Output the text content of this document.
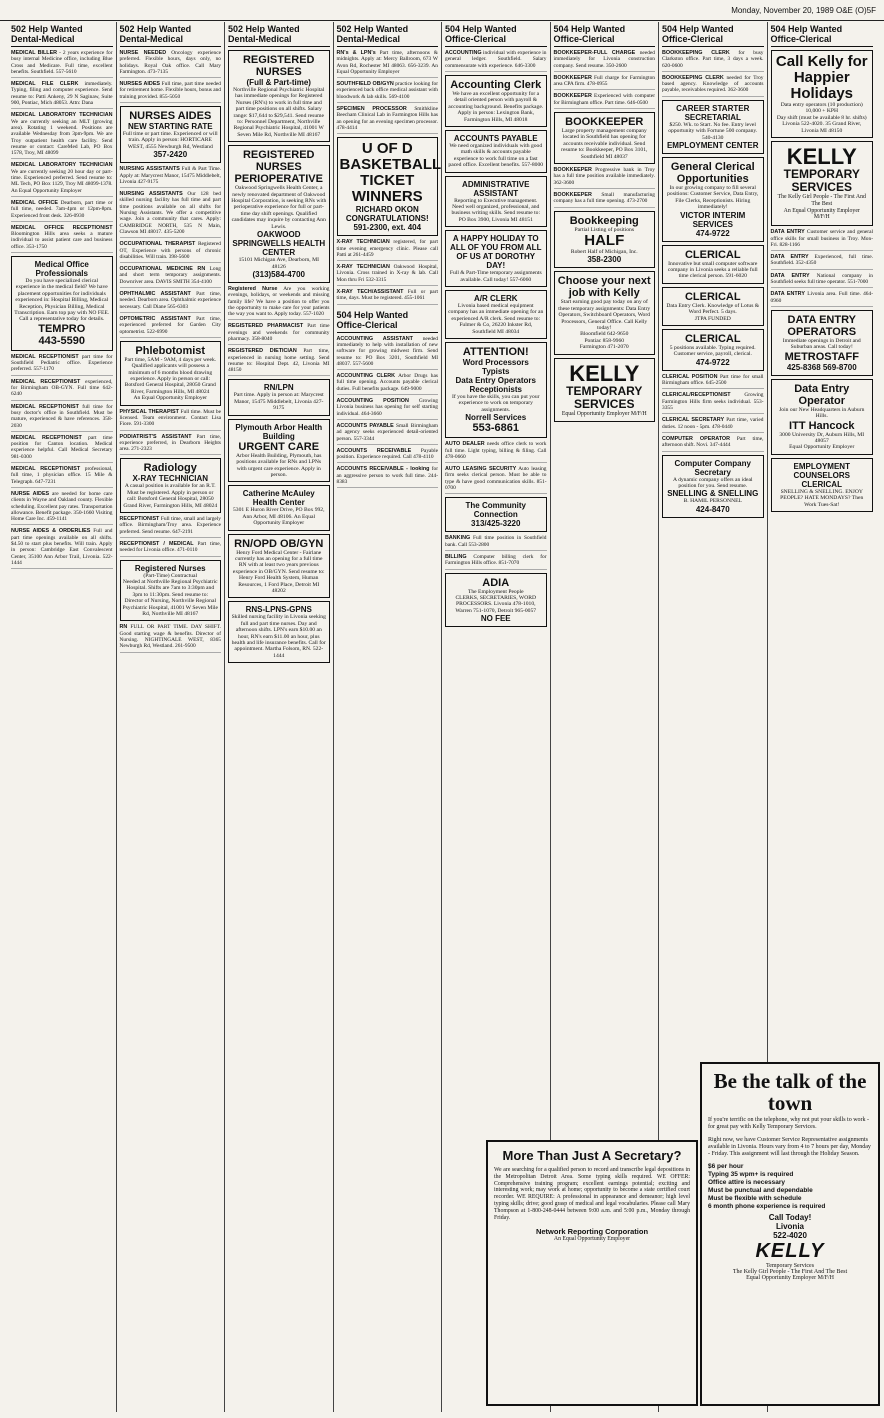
Monday, November 20, 1989 O&E (O)5F
502 Help Wanted Dental-Medical
MEDICAL BILLER - 2 years experience for busy internal Medicine office, including Blue Cross and Medicare. Full time, excellent benefits. Southfield. 557-5610
MEDICAL FILE CLERK immediately. Typing, filing and computer experience. Send resume to: Patti Ankeny, 29 N Saginaw, Suite 900, Pontiac, Mich 48053. Attn: Dana
MEDICAL LABORATORY TECHNICIAN We are currently seeking an MLT (growing area). Rotating 1 weekend. Positions are available Wednesday from 3pm-9pm. We are Troy outpatient health care facility. Send resume or contact: CareMed Lab, PO Box 1578, Troy, MI 48099
MEDICAL LABORATORY TECHNICIAN We are currently seeking 20 hour day or part-time. Experienced preferred. Send resume to: ML Tech, PO Box 1129, Troy MI 48099-1378. An Equal Opportunity Employer
MEDICAL OFFICE Dearborn, part time or full time, needed. 7am-4pm or 12pm-8pm. Experienced front desk. 326-0930
MEDICAL OFFICE RECEPTIONIST Bloomington Hills area seeks a mature individual to assist patient care and business office. 353-1750
Medical Office Professionals
Do you have specialized clerical experience in the medical field? We have placement opportunities for individuals experienced in: Hospital Billing, Medical Reception, Physician Billing, Medical Transcription. Earn top pay with NO FEE. Call a representative today for details.
TEMPRO
443-5590
MEDICAL RECEPTIONIST part time for Southfield Pediatric office. Experience preferred. 557-1170
MEDICAL RECEPTIONIST experienced, for Birmingham OB-GYN. Full time 642-6240
MEDICAL RECEPTIONIST full time for busy doctor's office in Southfield. Must be mature, experienced & have references. 358-2030
MEDICAL RECEPTIONIST part time position for Canton location. Medical experience helpful. Call Medical Secretary 981-0300
MEDICAL RECEPTIONIST professional, full time, 1 physician office. 15 Mile & Telegraph. 647-7231
NURSE AIDES are needed for home care clients in Wayne and Oakland county. Flexible scheduling. Excellent pay rates. Transportation allowance. Benefit package. 350-1660 Visiting Home Care Inc. 459-1141
NURSE AIDES & ORDERLIES Full and part time openings available on all shifts. $4.50 to start plus benefits. Will train. Apply in person: Cambridge East Convalescent Center, 35100 Ann Arbor Trail, Livonia. 522-1444
502 Help Wanted Dental-Medical
NURSE NEEDED Oncology experience preferred. Flexible hours, days only, no holidays. Royal Oak office. Call Mary Farmington. 473-7135
NURSES AIDES Full time, part time needed for retirement home. Flexible hours, bonus and training provided. 855-5050
NURSES AIDES
NEW STARTING RATE
Full time or part time. Experienced or will train. Apply in person: HORTICARE WEST, 4555 Newburgh Rd, Westland
357-2420
NURSING ASSISTANTS Full & Part Time. Apply at: Marycrest Manor, 15475 Middlebelt, Livonia 427-9175
NURSING ASSISTANTS Our 128 bed skilled nursing facility has full time and part time positions available on all shifts for Nursing Assistants. We offer a competitive wage. Join a community that cares. Apply: CAMBRIDGE NORTH, 535 N Main, Clawson MI 48017. 435-5200
OCCUPATIONAL THERAPIST Registered OT, Experience with persons of chronic disabilities. Will train. 398-5600
OCCUPATIONAL MEDICINE RN Long and short term temporary assignments. Downriver area. DAVIS SMITH 354-4100
OPHTHALMIC ASSISTANT Part time, needed. Dearborn area. Ophthalmic experience necessary. Call Diane 565-6303
OPTOMETRIC ASSISTANT Part time, experienced preferred for Garden City optometrist. 522-6990
Phlebotomist
Part time, 5AM - 9AM, 4 days per week. Qualified applicants will possess a minimum of 6 months blood drawing experience. Apply in person or call: Botsford General Hospital, 28050 Grand River, Farmington Hills, MI 48024
An Equal Opportunity Employer
PHYSICAL THERAPIST Full time. Must be licensed. Team environment. Contact Lisa Fiore. 591-3300
PODIATRIST'S ASSISTANT Part time, experience preferred, in Dearborn Heights area. 271-2323
Radiology
X-RAY TECHNICIAN
A casual position is available for an R.T. Must be registered. Apply in person or call: Botsford General Hospital, 28050 Grand River, Farmington Hills, MI 48024
RECEPTIONIST Full time, small and largely office. Birmingham/Troy area. Experience preferred. Send resume. 647-2191
RECEPTIONIST / MEDICAL Part time, needed for Livonia office. 471-0110
Registered Nurses
(Part-Time) Contractual
Needed at Northville Regional Psychiatric Hospital. Shifts are 7am to 3:30pm and 3pm to 11:30pm. Send resume to: Director of Nursing, Northville Regional Psychiatric Hospital, 41001 W Seven Mile Rd, Northville MI 48167
RN FULL OR PART TIME. DAY SHIFT. Good starting wage & benefits. Director of Nursing. NIGHTINGALE WEST, 8365 Newburgh Rd, Westland. 261-9500
502 Help Wanted Dental-Medical
REGISTERED NURSES
(Full & Part-time)
Northville Regional Psychiatric Hospital has immediate openings for Registered Nurses (RN's) to work in full time and part time positions on all shifts. Salary range: $17,644 to $29,541. Send resume to: Personnel Department, Northville Regional Psychiatric Hospital, 41001 W Seven Mile Rd, Northville MI 48167
REGISTERED NURSES PERIOPERATIVE
Oakwood Springwells Health Center, a newly renovated department of Oakwood Hospital Corporation, is seeking RNs with perioperative experience for full or part-time day shift openings. Qualified candidates may inquire by contacting Ann Lewis.
OAKWOOD SPRINGWELLS HEALTH CENTER
15101 Michigan Ave, Dearborn, MI 48126
(313)584-4700
Registered Nurse Are you working evenings, holidays, or weekends and missing family life? We have a position to offer you the opportunity to make care for your patients the way you want to. Apply today. 557-1020
REGISTERED PHARMACIST Part time evenings and weekends for community pharmacy. 358-8040
REGISTERED DIETICIAN Part time, experienced in nursing home setting. Send resume to: Hospital Dept. 42, Livonia MI 48150
RN/LPN
Part time. Apply in person at: Marycrest Manor, 15475 Middlebelt, Livonia 427-9175
Plymouth Arbor Health Building
URGENT CARE
Arbor Health Building, Plymouth, has positions available for RNs and LPNs with urgent care experience. Apply in person.
Catherine McAuley Health Center
5301 E Huron River Drive, PO Box 992, Ann Arbor, MI 48106. An Equal Opportunity Employer
RN/OPD OB/GYN
Henry Ford Medical Center - Fairlane currently has an opening for a full time RN with at least two years previous experience in OB/GYN. Send resume to: Henry Ford Health System, Human Resources, 1 Ford Place, Detroit MI 48202
RNS-LPNS-GPNS
Skilled nursing facility in Livonia seeking full and part time nurses. Day and afternoon shifts. LPN's earn $10.00 an hour, RN's earn $11.00 an hour, plus health and life insurance benefits. Call for appointment. Martha Folsom, RN. 522-1444
502 Help Wanted Dental-Medical
RN's & LPN's Part time, afternoons & midnights. Apply at: Mercy Ballroom, 673 W Avon Rd, Rochester MI 48063. 656-3239. An Equal Opportunity Employer
SOUTHFIELD OB/GYN practice looking for experienced back office medical assistant with bloodwork & lab skills. 569-4100
SPECIMEN PROCESSOR Smithkline Beecham Clinical Lab in Farmington Hills has an opening for an evening specimen processor. 478-4414
U OF D BASKETBALL TICKET WINNERS
RICHARD OKON
CONGRATULATIONS!
591-2300, ext. 404
X-RAY TECHNICIAN registered, for part time evening emergency clinic. Please call Patti at 261-4459
X-RAY TECHNICIAN Oakwood Hospital, Livonia. Cross trained in X-ray & lab. Call Mon thru Fri 532-3315
X-RAY TECH/ASSISTANT Full or part time, days. Must be registered. 455-1061
504 Help Wanted Office-Clerical
ACCOUNTING ASSISTANT needed immediately to help with installation of new software for growing midwest firm. Send resume to: PO Box 3201, Southfield MI 48037. 557-5600
ACCOUNTING CLERK Arbor Drugs has full time opening. Accounts payable clerical duties. Full benefits package. 649-9000
ACCOUNTING POSITION Growing Livonia business has opening for self starting individual. 464-3660
ACCOUNTS PAYABLE Small Birmingham ad agency seeks experienced detail-oriented person. 557-3344
ACCOUNTS RECEIVABLE Payable position. Experience required. Call 478-4110
ACCOUNTS RECEIVABLE - looking for an aggressive person to work full time. 244-8383
504 Help Wanted Office-Clerical
ACCOUNTING individual with experience in general ledger. Southfield. Salary commensurate with experience. 646-3300
Accounting Clerk
We have an excellent opportunity for a detail oriented person with payroll & accounting background. Benefits package. Apply in person: Lexington Bank, Farmington Hills, MI 48018
ACCOUNTS PAYABLE
We need organized individuals with good math skills & accounts payable experience to work full time on a fast paced office. Excellent benefits. 557-8000
ADMINISTRATIVE ASSISTANT
Reporting to Executive management. Need well organized, professional, and business writing skills. Send resume to: PO Box 3900, Livonia MI 48151
A HAPPY HOLIDAY TO ALL OF YOU FROM ALL OF US AT DOROTHY DAY!
Full & Part-Time temporary assignments available. Call today! 557-6060
A/R CLERK
Livonia based medical equipment company has an immediate opening for an experienced A/R clerk. Send resume to: Fulmer & Co, 26220 Inkster Rd, Southfield MI 48034
ATTENTION!
Word Processors
Typists
Data Entry Operators
Receptionists
If you have the skills, you can put your experience to work on temporary assignments.
Norrell Services
553-6861
AUTO DEALER needs office clerk to work full time. Light typing, billing & filing. Call 478-0660
AUTO LEASING SECURITY Auto leasing firm seeks clerical person. Must be able to type & have good communication skills. 851-0700
The Community Connection
313/425-3220
BANKING Full time position in Southfield bank. Call 553-2800
BILLING Computer billing clerk for Farmington Hills office. 851-7070
ADIA
The Employment People
CLERKS, SECRETARIES, WORD PROCESSORS. Livonia 478-1010, Warren 751-1070, Detroit 965-0057
NO FEE
504 Help Wanted Office-Clerical
BOOKKEEPER-FULL CHARGE needed immediately for Livonia construction company. Send resume. 350-2600
BOOKKEEPER Full charge for Farmington area CPA firm. 478-0955
BOOKKEEPER Experienced with computer for Birmingham office. Part time. 646-0500
BOOKKEEPER
Large property management company located in Southfield has opening for accounts receivable individual. Send resume to: Bookkeeper, PO Box 3101, Southfield MI 48037
BOOKKEEPER Progressive bank in Troy has a full time position available immediately. 362-3600
BOOKKEEPER Small manufacturing company has a full time opening. 473-2700
Bookkeeping
Partial Listing of positions
HALF
Robert Half of Michigan, Inc.
358-2300
Choose your next job with Kelly
Start earning good pay today on any of these temporary assignments: Data Entry Operators, Switchboard Operators, Word Processors, General Office. Call Kelly today!
Bloomfield 642-9650
Pontiac 858-9960
Farmington 471-2070
KELLY
TEMPORARY SERVICES
Equal Opportunity Employer M/F/H
504 Help Wanted Office-Clerical
BOOKKEEPING CLERK for busy Clarkston office. Part time, 3 days a week. 620-0600
BOOKKEEPING CLERK needed for Troy based agency. Knowledge of accounts payable, receivables required. 362-3600
CAREER STARTER SECRETARIAL
$250. Wk. to Start. No fee. Entry level opportunity with Fortune 500 company. 540-4130
EMPLOYMENT CENTER
General Clerical Opportunities
In our growing company to fill several positions: Customer Service, Data Entry, File Clerks, Receptionists. Hiring immediately!
VICTOR INTERIM SERVICES
474-9722
CLERICAL
Innovative but small computer software company in Livonia seeks a reliable full time clerical person. 591-6020
CLERICAL
Data Entry Clerk. Knowledge of Lotus & Word Perfect. 5 days.
JTPA FUNDED
CLERICAL
5 positions available. Typing required. Customer service, payroll, clerical.
474-9722
CLERICAL POSITION Part time for small Birmingham office. 645-2500
CLERICAL/RECEPTIONIST	Growing Farmington Hills firm seeks individual. 553-3355
CLERICAL SECRETARY Part time, varied duties. 12 noon - 5pm. 478-0440
COMPUTER OPERATOR Part time, afternoon shift. Novi. 347-4444
Computer Company Secretary
A dynamic company offers an ideal position for you. Send resume.
SNELLING & SNELLING
B. HAMIL PERSONNEL
424-8470
504 Help Wanted Office-Clerical
Call Kelly for Happier Holidays
Data entry operators (10 production)
10,000 + KPH
Day shift (must be available 8 hr. shifts)
Livonia 522-4020. 35 Grand River, Livonia MI 48150
KELLY
TEMPORARY SERVICES
The Kelly Girl People - The First And The Best
An Equal Opportunity Employer M/F/H
DATA ENTRY Customer service and general office skills for small business in Troy. Mon-Fri. 828-1166
DATA ENTRY Experienced, full time. Southfield. 352-4350
DATA ENTRY National company in Southfield seeks full time operator. 551-7000
DATA ENTRY Livonia area. Full time. 464-0960
DATA ENTRY OPERATORS
Immediate openings in Detroit and Suburban areas. Call today!
METROSTAFF
425-8368 569-8700
Data Entry Operator
Join our New Headquarters in Auburn Hills.
ITT Hancock
3000 University Dr, Auburn Hills, MI 48057
Equal Opportunity Employer
EMPLOYMENT COUNSELORS CLERICAL
SNELLING & SNELLING. ENJOY PEOPLE? HATE MONDAYS? Then Work Tues-Sat!
More Than Just A Secretary?
We are searching for a qualified person to record and transcribe legal depositions in the Metropolitan Detroit Area. Some typing skills required. WE OFFER: Comprehensive training program; excellent earnings potential; exciting and interesting work; may work at home; opportunity to become a state certified court recorder. WE REQUIRE: A professional in appearance and demeanor; high level typing skills; drive; good grasp of medical and legal vocabularies. Please call Mary Thompson at 1-800-248-0444 between 9:00 a.m. and 5:00 p.m., Monday through Friday.
Network Reporting Corporation
An Equal Opportunity Employer
Be the talk of the town
If you're terrific on the telephone, why not put your skills to work - for great pay with Kelly Temporary Services.
Right now, we have Customer Service Representative assignments available in Livonia. Hours vary from 4 to 7 hours per day, Monday - Friday. This assignment will last through the Holiday Season.
$6 per hour
Typing 35 wpm+ is required
Office attire is necessary
Must be punctual and dependable
Must be flexible with schedule
6 month phone experience is required
Call Today!
Livonia
522-4020
KELLY
Temporary Services
The Kelly Girl People - The First And The Best
Equal Opportunity Employer M/F/H
